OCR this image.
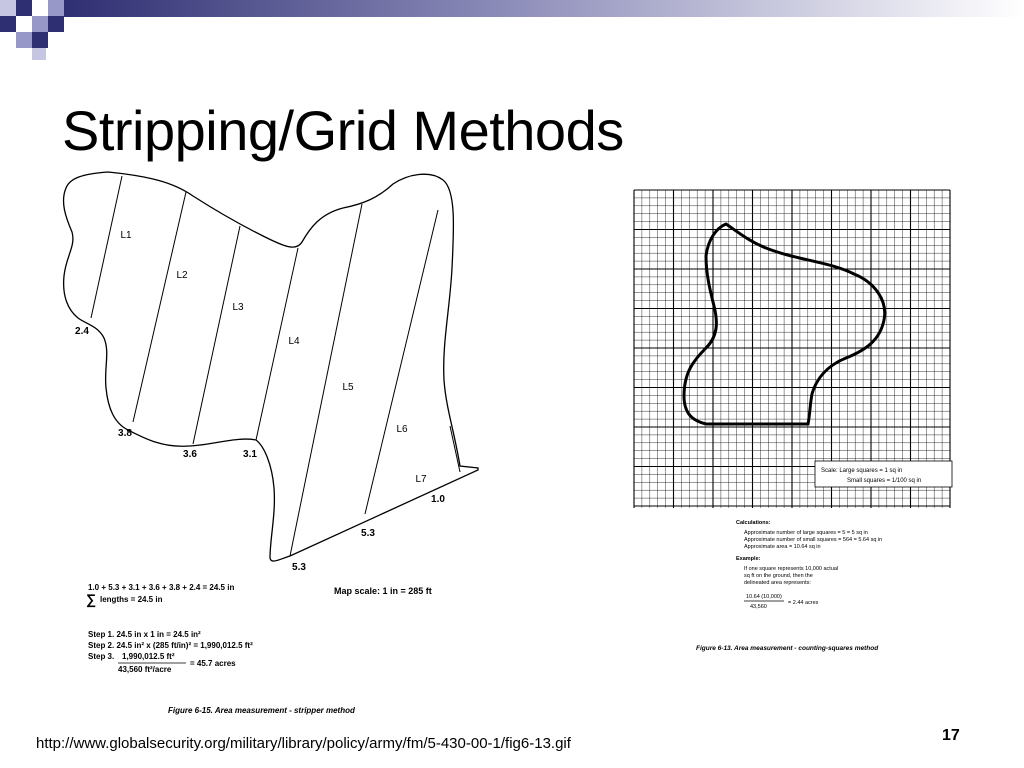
Stripping/Grid Methods
L1
L2
L3
L4
L5
L6
L7
2.4
3.8
3.6	3.1
1.0
5.3
5.3
1.0 + 5.3 + 3.1 + 3.6 + 3.8 + 2.4 = 24.5 in
∑ lengths = 24.5 in
Map scale: 1 in = 285 ft
Step 1. 24.5 in x 1 in = 24.5 in²
Step 2. 24.5 in² x (285 ft/in)² = 1,990,012.5 ft²
Step 3. 1,990,012.5 ft²
43,560 ft²/acre
= 45.7 acres
Figure 6-15. Area measurement - stripper method
Scale: Large squares = 1 sq in
Small squares = 1/100 sq in
Calculations:
Approximate number of large squares = 5 = 5 sq in
Approximate number of small squares = 564 = 5.64 sq in
Approximate area = 10.64 sq in
Example:
If one square represents 10,000 actual
sq ft on the ground, then the
delineated area represents:
10.64 (10,000)
43,560
= 2.44 acres
Figure 6-13. Area measurement - counting-squares method
http://www.globalsecurity.org/military/library/policy/army/fm/5-430-00-1/fig6-13.gif	17
